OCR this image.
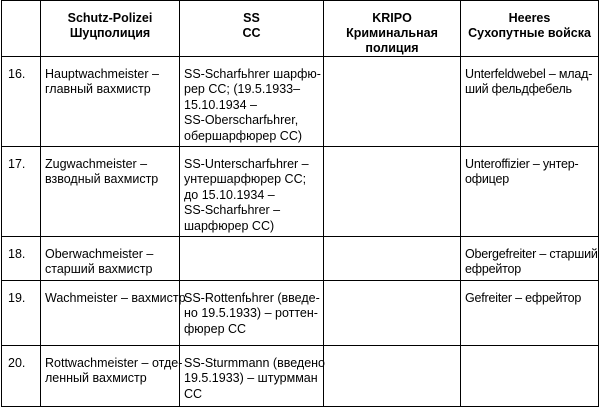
	Schutz-Polizei
Шуцполиция	SS
СС	KRIPO
Криминальная
полиция	Heeres
Сухопутные войска

16.	Hauptwachmeister –
главный вахмистр	SS-Scharfьhrer шарфю-
рер СС; (19.5.1933–
15.10.1934 –
SS-Oberscharfьhrer,
обершарфюрер СС)		Unterfeldwebel – млад-
ший фельдфебель

17.	Zugwachmeister –
взводный вахмистр	SS-Unterscharfьhrer –
унтершарфюрер СС;
до 15.10.1934 –
SS-Scharfьhrer –
шарфюрер СС)		Unteroffizier – унтер-
офицер

18.	Oberwachmeister –
старший вахмистр			Obergefreiter – старший
ефрейтор

19.	Wachmeister – вахмистр	SS-Rottenfьhrer (введе-
но 19.5.1933) – роттен-
фюрер СС		Gefreiter – ефрейтор

20.	Rottwachmeister – отде-
ленный вахмистр	SS-Sturmmann (введено
19.5.1933) – штурмман
СС		
